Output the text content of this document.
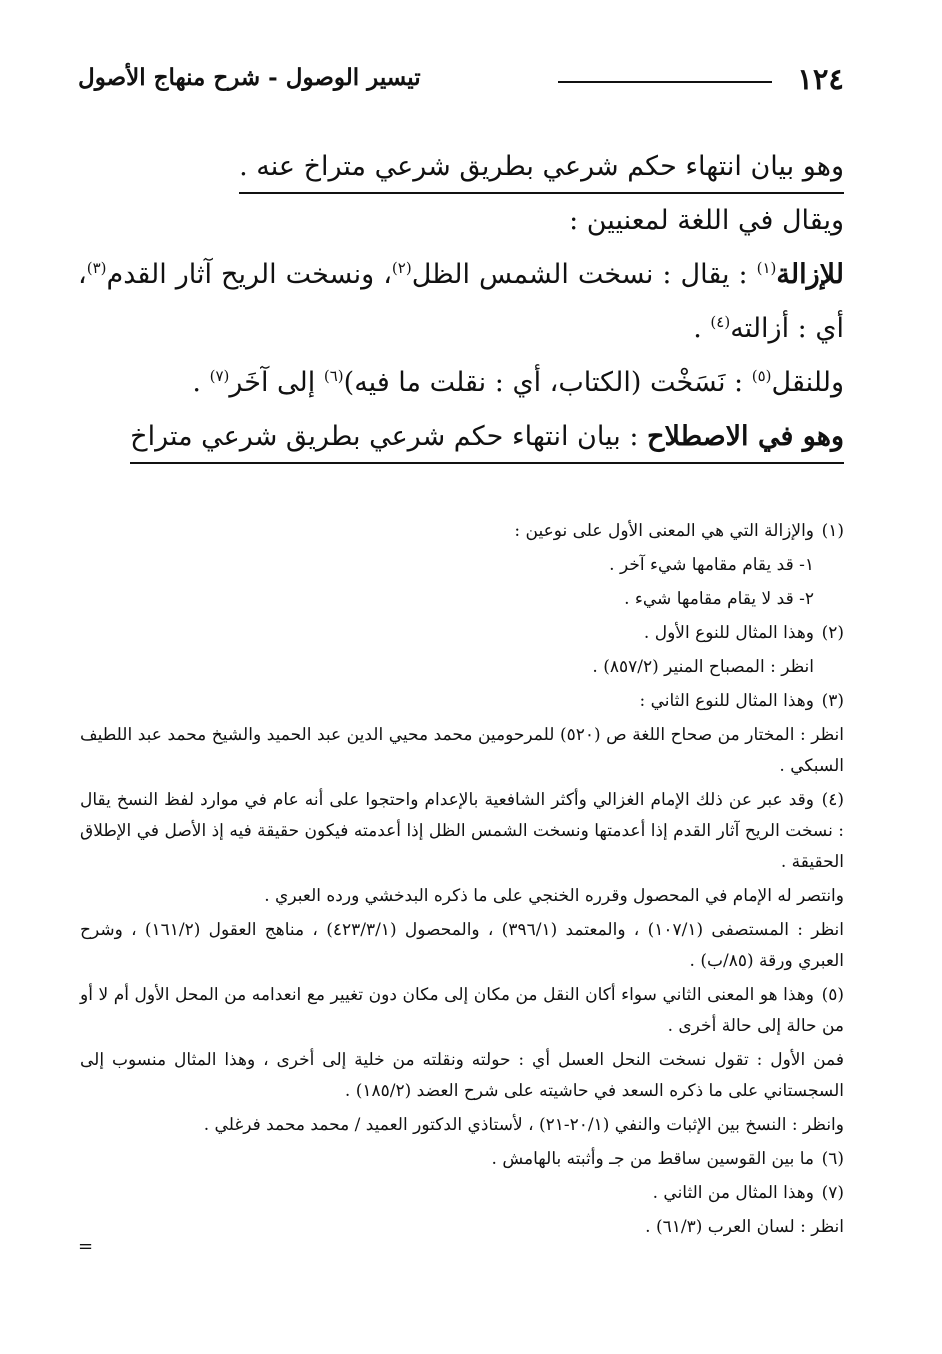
١٢٤
تيسير الوصول - شرح منهاج الأصول

وهو بيان انتهاء حكم شرعي بطريق شرعي متراخ عنه .

ويقال في اللغة لمعنيين :

للإزالة$^{(١)}$ : يقال : نسخت الشمس الظل$^{(٢)}$، ونسخت الريح آثار القدم$^{(٣)}$، أي : أزالته$^{(٤)}$ .

وللنقل$^{(٥)}$ : نَسَخْت (الكتاب، أي : نقلت ما فيه)$^{(٦)}$ إلى آخَر$^{(٧)}$ .

وهو في الاصطلاح : بيان انتهاء حكم شرعي بطريق شرعي متراخ

(١)والإزالة التي هي المعنى الأول على نوعين :

١- قد يقام مقامها شيء آخر .

٢- قد لا يقام مقامها شيء .

(٢)وهذا المثال للنوع الأول .

انظر : المصباح المنير (٨٥٧/٢) .

(٣)وهذا المثال للنوع الثاني :

انظر : المختار من صحاح اللغة ص (٥٢٠) للمرحومين محمد محيي الدين عبد الحميد والشيخ محمد عبد اللطيف السبكي .

(٤)وقد عبر عن ذلك الإمام الغزالي وأكثر الشافعية بالإعدام واحتجوا على أنه عام في موارد لفظ النسخ يقال : نسخت الريح آثار القدم إذا أعدمتها ونسخت الشمس الظل إذا أعدمته فيكون حقيقة فيه إذ الأصل في الإطلاق الحقيقة .

وانتصر له الإمام في المحصول وقرره الخنجي على ما ذكره البدخشي ورده العبري .

انظر : المستصفى (١٠٧/١) ، والمعتمد (٣٩٦/١) ، والمحصول (٤٢٣/٣/١) ، مناهج العقول (١٦١/٢) ، وشرح العبري ورقة (٨٥/ب) .

(٥)وهذا هو المعنى الثاني سواء أكان النقل من مكان إلى مكان دون تغيير مع انعدامه من المحل الأول أم لا أو من حالة إلى حالة أخرى .

فمن الأول : تقول نسخت النحل العسل أي : حولته ونقلته من خلية إلى أخرى ، وهذا المثال منسوب إلى السجستاني على ما ذكره السعد في حاشيته على شرح العضد (١٨٥/٢) .

وانظر : النسخ بين الإثبات والنفي (٢٠/١-٢١) ، لأستاذي الدكتور العميد / محمد محمد فرغلي .

(٦)ما بين القوسين ساقط من جـ وأثبته بالهامش .

(٧)وهذا المثال من الثاني .

انظر : لسان العرب (٦١/٣) .

=
